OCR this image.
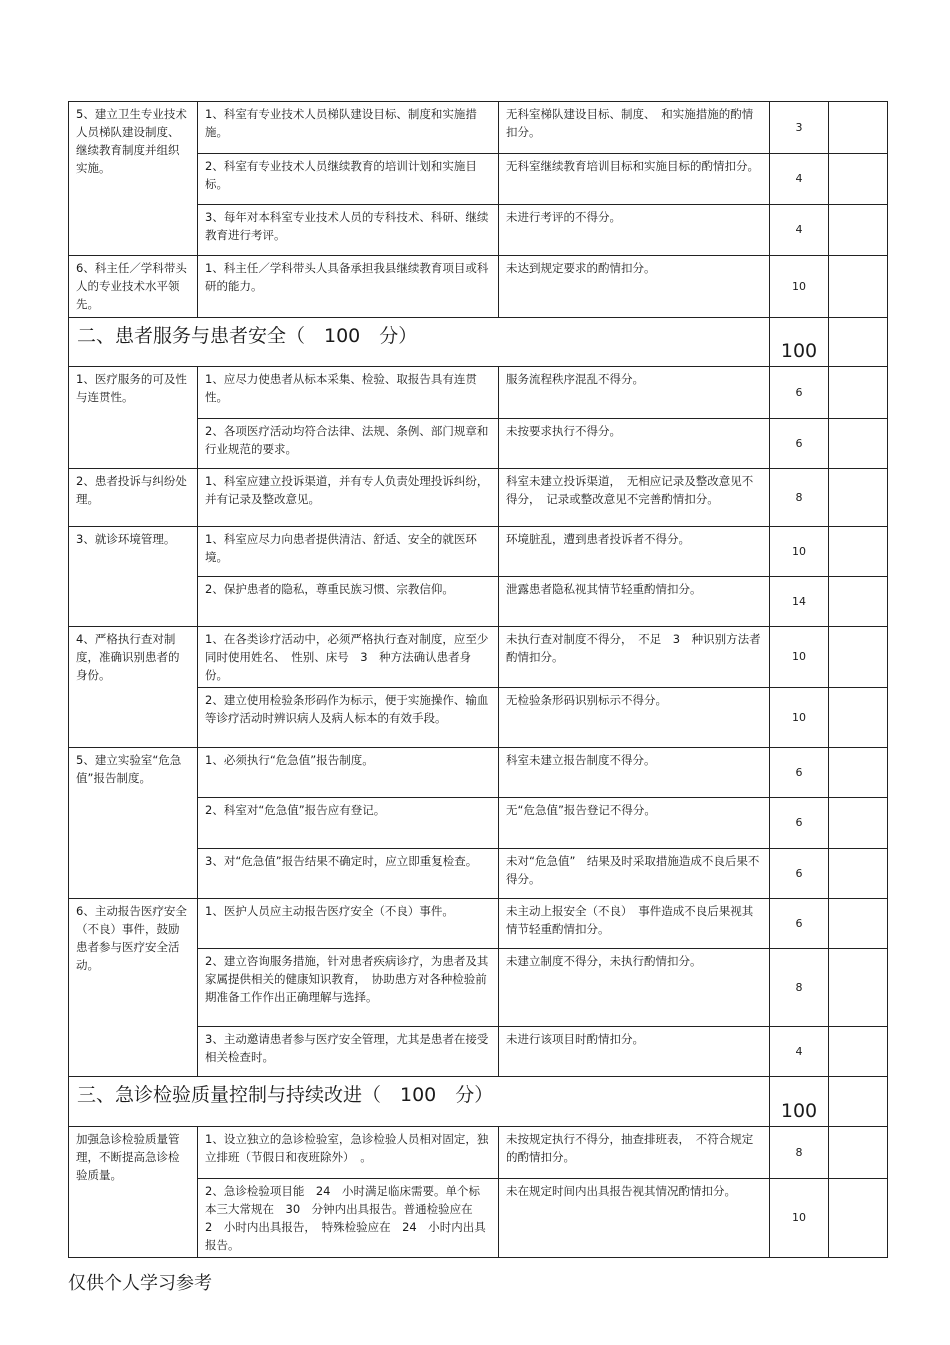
5、建立卫生专业技术人员梯队建设制度、继续教育制度并组织实施。	1、科室有专业技术人员梯队建设目标、制度和实施措施。	无科室梯队建设目标、制度、　和实施措施的酌情扣分。	3	
	2、科室有专业技术人员继续教育的培训计划和实施目标。	无科室继续教育培训目标和实施目标的酌情扣分。	4	
	3、每年对本科室专业技术人员的专科技术、科研、继续教育进行考评。	未进行考评的不得分。	4	
6、科主任／学科带头人的专业技术水平领先。	1、科主任／学科带头人具备承担我县继续教育项目或科研的能力。	未达到规定要求的酌情扣分。	10	
二、患者服务与患者安全（　100　分）			100	
1、医疗服务的可及性与连贯性。	1、应尽力使患者从标本采集、检验、取报告具有连贯性。	服务流程秩序混乱不得分。	6	
	2、各项医疗活动均符合法律、法规、条例、部门规章和行业规范的要求。	未按要求执行不得分。	6	
2、患者投诉与纠纷处理。	1、科室应建立投诉渠道，并有专人负责处理投诉纠纷，并有记录及整改意见。	科室未建立投诉渠道，　无相应记录及整改意见不得分，　记录或整改意见不完善酌情扣分。	8	
3、就诊环境管理。	1、科室应尽力向患者提供清洁、舒适、安全的就医环境。	环境脏乱，遭到患者投诉者不得分。	10	
	2、保护患者的隐私，尊重民族习惯、宗教信仰。	泄露患者隐私视其情节轻重酌情扣分。	14	
4、严格执行查对制度，准确识别患者的身份。	1、在各类诊疗活动中，必须严格执行查对制度，应至少同时使用姓名、　性别、床号　3　种方法确认患者身份。	未执行查对制度不得分，　不足　3　种识别方法者酌情扣分。	10	
	2、建立使用检验条形码作为标示，便于实施操作、输血等诊疗活动时辨识病人及病人标本的有效手段。	无检验条形码识别标示不得分。	10	
5、建立实验室“危急值”报告制度。	1、必须执行“危急值”报告制度。	科室未建立报告制度不得分。	6	
	2、科室对“危急值”报告应有登记。	无“危急值”报告登记不得分。	6	
	3、对“危急值”报告结果不确定时，应立即重复检查。	未对“危急值”　结果及时采取措施造成不良后果不得分。	6	
6、主动报告医疗安全（不良）事件，鼓励患者参与医疗安全活动。	1、医护人员应主动报告医疗安全（不良）事件。	未主动上报安全（不良）　事件造成不良后果视其情节轻重酌情扣分。	6	
	2、建立咨询服务措施，针对患者疾病诊疗，为患者及其家属提供相关的健康知识教育，　协助患方对各种检验前期准备工作作出正确理解与选择。	未建立制度不得分，未执行酌情扣分。	8	
	3、主动邀请患者参与医疗安全管理，尤其是患者在接受相关检查时。	未进行该项目时酌情扣分。	4	
三、急诊检验质量控制与持续改进（　100　分）			100	
加强急诊检验质量管理，不断提高急诊检验质量。	1、设立独立的急诊检验室，急诊检验人员相对固定，独立排班（节假日和夜班除外）　。	未按规定执行不得分，抽查排班表，　不符合规定的酌情扣分。	8	
	2、急诊检验项目能　24　小时满足临床需要。单个标本三大常规在　30　分钟内出具报告。普通检验应在　2　小时内出具报告，　特殊检验应在　24　小时内出具报告。	未在规定时间内出具报告视其情况酌情扣分。	10	
仅供个人学习参考
